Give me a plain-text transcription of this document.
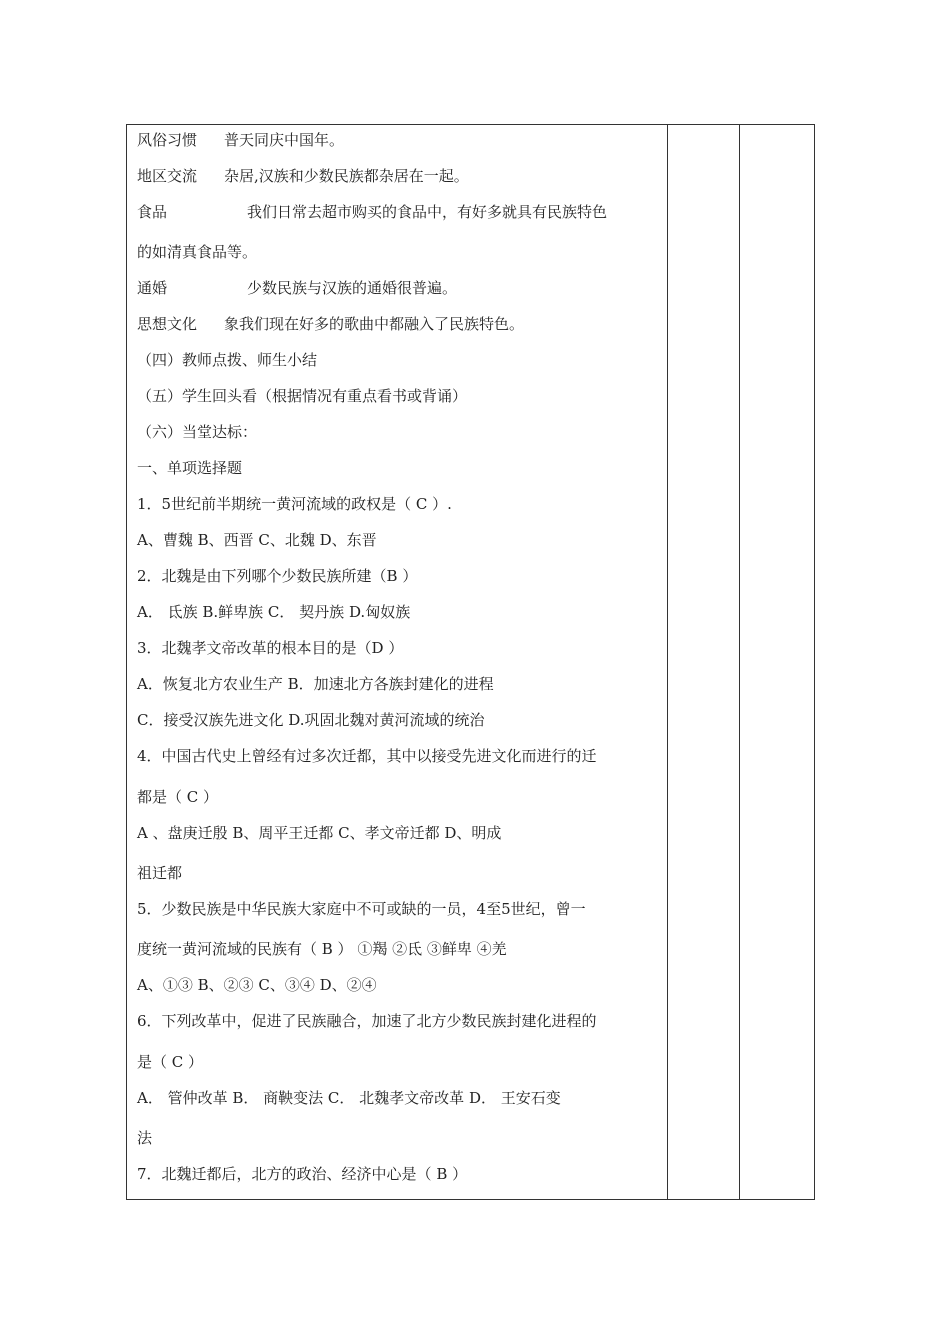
风俗习惯 普天同庆中国年。
地区交流 杂居,汉族和少数民族都杂居在一起。
食品	我们日常去超市购买的食品中，有好多就具有民族特色
的如清真食品等。
通婚	少数民族与汉族的通婚很普遍。
思想文化 象我们现在好多的歌曲中都融入了民族特色。
（四）教师点拨、师生小结
（五）学生回头看（根据情况有重点看书或背诵）
（六）当堂达标：
一、单项选择题
1．5世纪前半期统一黄河流域的政权是（ C ）.
A、曹魏 B、西晋 C、北魏 D、东晋
2．北魏是由下列哪个少数民族所建（B ）
A． 氐族 B.鲜卑族 C． 契丹族 D.匈奴族
3．北魏孝文帝改革的根本目的是（D ）
A．恢复北方农业生产 B．加速北方各族封建化的进程
C．接受汉族先进文化 D.巩固北魏对黄河流域的统治
4．中国古代史上曾经有过多次迁都，其中以接受先进文化而进行的迁
都是（ C ）
A 、盘庚迁殷 B、周平王迁都 C、孝文帝迁都 D、明成
祖迁都
5．少数民族是中华民族大家庭中不可或缺的一员，4至5世纪，曾一
度统一黄河流域的民族有（ B ） ①羯 ②氐 ③鲜卑 ④羌
A、①③ B、②③ C、③④ D、②④
6．下列改革中，促进了民族融合，加速了北方少数民族封建化进程的
是（ C ）
A． 管仲改革 B． 商鞅变法 C． 北魏孝文帝改革 D． 王安石变
法
7．北魏迁都后，北方的政治、经济中心是（ B ）
